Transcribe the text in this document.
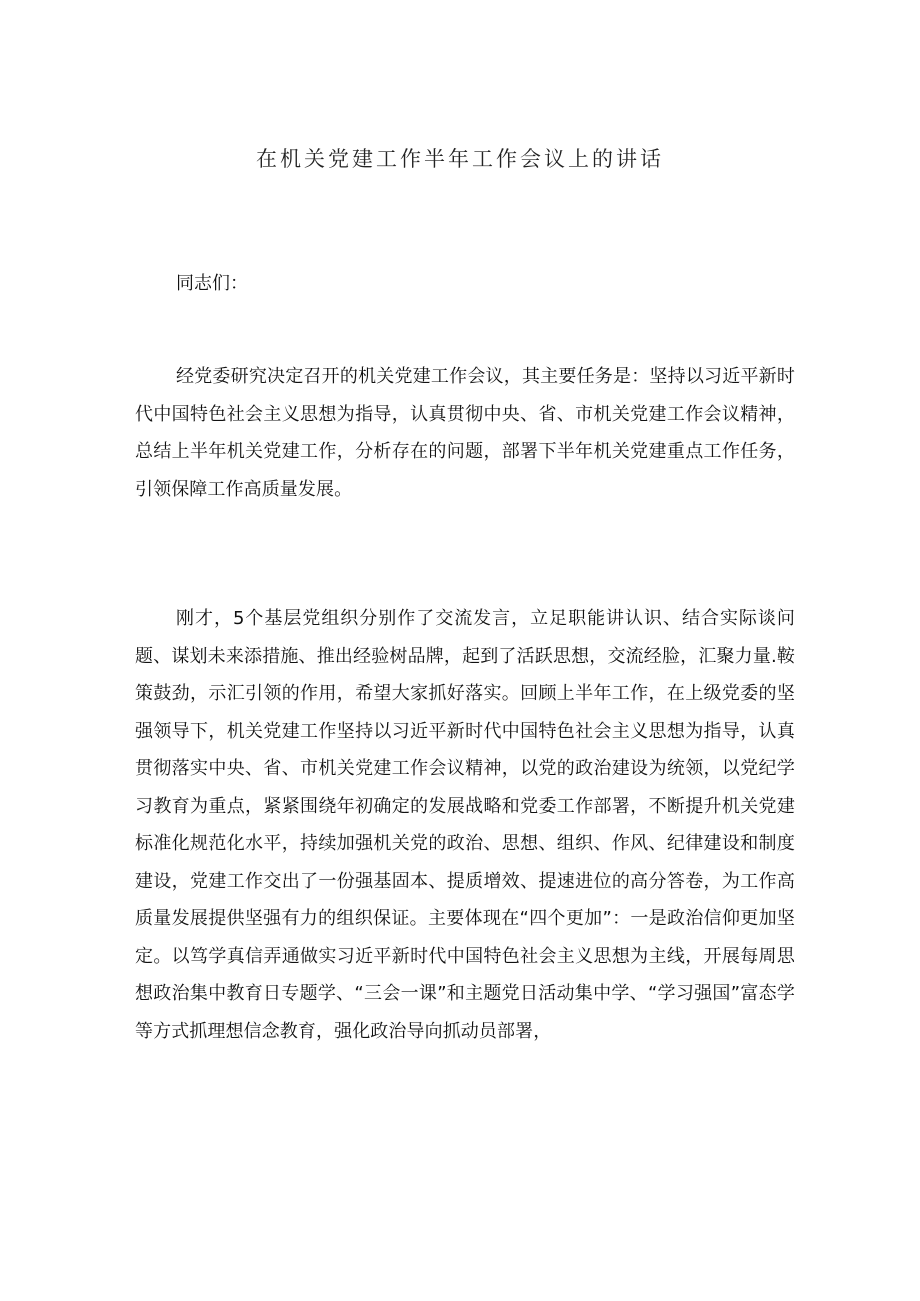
在机关党建工作半年工作会议上的讲话

同志们：

经党委研究决定召开的机关党建工作会议，其主要任务是：坚持以习近平新时代中国特色社会主义思想为指导，认真贯彻中央、省、市机关党建工作会议精神，总结上半年机关党建工作，分析存在的问题，部署下半年机关党建重点工作任务，引领保障工作高质量发展。

刚才，5个基层党组织分别作了交流发言，立足职能讲认识、结合实际谈问题、谋划未来添措施、推出经验树品牌，起到了活跃思想，交流经脸，汇聚力量.鞍策鼓劲，示汇引领的作用，希望大家抓好落实。回顾上半年工作，在上级党委的坚强领导下，机关党建工作坚持以习近平新时代中国特色社会主义思想为指导，认真贯彻落实中央、省、市机关党建工作会议精神，以党的政治建设为统领，以党纪学习教育为重点，紧紧围绕年初确定的发展战略和党委工作部署，不断提升机关党建标准化规范化水平，持续加强机关党的政治、思想、组织、作风、纪律建设和制度建设，党建工作交出了一份强基固本、提质增效、提速进位的高分答卷，为工作高质量发展提供坚强有力的组织保证。主要体现在“四个更加”：一是政治信仰更加坚定。以笃学真信弄通做实习近平新时代中国特色社会主义思想为主线，开展每周思想政治集中教育日专题学、“三会一课”和主题党日活动集中学、“学习强国”富态学等方式抓理想信念教育，强化政治导向抓动员部署，
